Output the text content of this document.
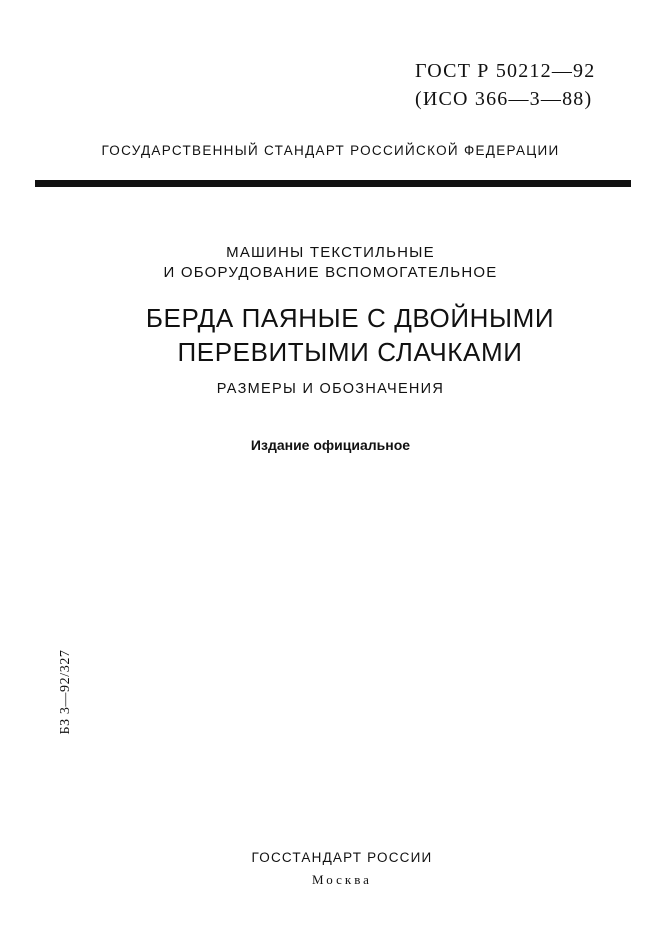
ГОСТ Р 50212—92
(ИСО 366—3—88)
ГОСУДАРСТВЕННЫЙ СТАНДАРТ РОССИЙСКОЙ ФЕДЕРАЦИИ
МАШИНЫ ТЕКСТИЛЬНЫЕ
И ОБОРУДОВАНИЕ ВСПОМОГАТЕЛЬНОЕ
БЕРДА ПАЯНЫЕ С ДВОЙНЫМИ
ПЕРЕВИТЫМИ СЛАЧКАМИ
РАЗМЕРЫ И ОБОЗНАЧЕНИЯ
Издание официальное
БЗ 3—92/327
ГОССТАНДАРТ РОССИИ
Москва
